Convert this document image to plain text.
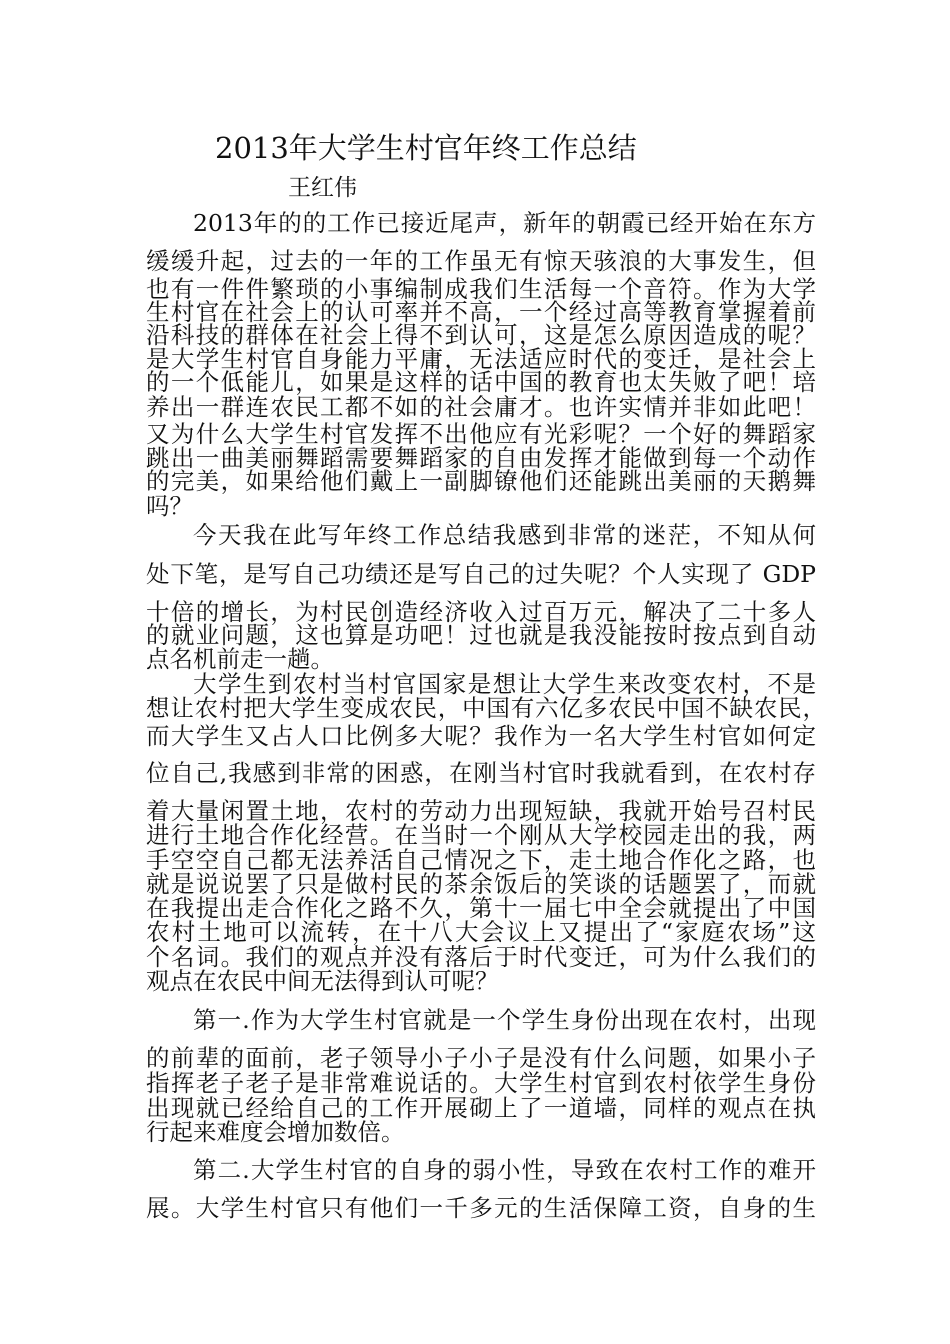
2013年大学生村官年终工作总结
王红伟
2013年的的工作已接近尾声，新年的朝霞已经开始在东方
缓缓升起，过去的一年的工作虽无有惊天骇浪的大事发生，但
也有一件件繁琐的小事编制成我们生活每一个音符。作为大学
生村官在社会上的认可率并不高，一个经过高等教育掌握着前
沿科技的群体在社会上得不到认可，这是怎么原因造成的呢？
是大学生村官自身能力平庸，无法适应时代的变迁，是社会上
的一个低能儿，如果是这样的话中国的教育也太失败了吧！培
养出一群连农民工都不如的社会庸才。也许实情并非如此吧！
又为什么大学生村官发挥不出他应有光彩呢？一个好的舞蹈家
跳出一曲美丽舞蹈需要舞蹈家的自由发挥才能做到每一个动作
的完美，如果给他们戴上一副脚镣他们还能跳出美丽的天鹅舞
吗？
今天我在此写年终工作总结我感到非常的迷茫，不知从何
处下笔，是写自己功绩还是写自己的过失呢？个人实现了 GDP
十倍的增长，为村民创造经济收入过百万元，解决了二十多人
的就业问题，这也算是功吧！过也就是我没能按时按点到自动
点名机前走一趟。
大学生到农村当村官国家是想让大学生来改变农村，不是
想让农村把大学生变成农民，中国有六亿多农民中国不缺农民，
而大学生又占人口比例多大呢？我作为一名大学生村官如何定
位自己,我感到非常的困惑，在刚当村官时我就看到，在农村存
着大量闲置土地，农村的劳动力出现短缺，我就开始号召村民
进行土地合作化经营。在当时一个刚从大学校园走出的我，两
手空空自己都无法养活自己情况之下，走土地合作化之路，也
就是说说罢了只是做村民的茶余饭后的笑谈的话题罢了，而就
在我提出走合作化之路不久，第十一届七中全会就提出了中国
农村土地可以流转，在十八大会议上又提出了“家庭农场”这
个名词。我们的观点并没有落后于时代变迁，可为什么我们的
观点在农民中间无法得到认可呢？
第一.作为大学生村官就是一个学生身份出现在农村，出现
的前辈的面前，老子领导小子小子是没有什么问题，如果小子
指挥老子老子是非常难说话的。大学生村官到农村依学生身份
出现就已经给自己的工作开展砌上了一道墙，同样的观点在执
行起来难度会增加数倍。
第二.大学生村官的自身的弱小性，导致在农村工作的难开
展。大学生村官只有他们一千多元的生活保障工资，自身的生
